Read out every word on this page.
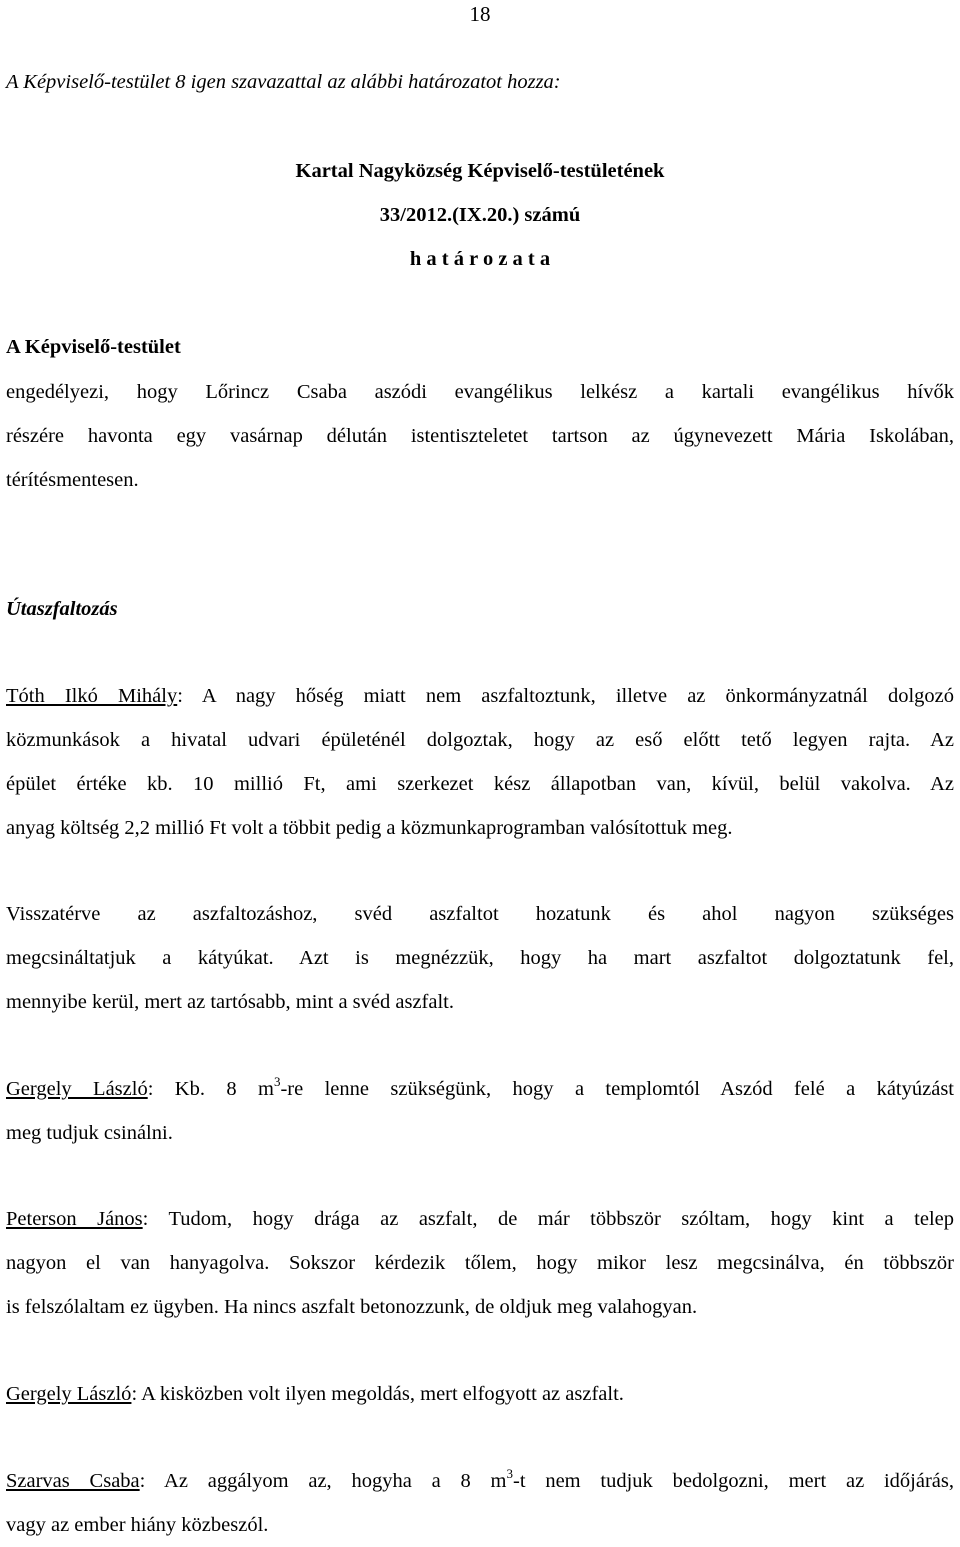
18
A Képviselő-testület 8 igen szavazattal az alábbi határozatot hozza:
Kartal Nagyközség Képviselő-testületének
33/2012.(IX.20.) számú
h a t á r o z a t a
A Képviselő-testület
engedélyezi, hogy Lőrincz Csaba aszódi evangélikus lelkész a kartali evangélikus hívők
részére havonta egy vasárnap délután istentiszteletet tartson az úgynevezett Mária Iskolában,
térítésmentesen.
Útaszfaltozás
Tóth Ilkó Mihály: A nagy hőség miatt nem aszfaltoztunk, illetve az önkormányzatnál dolgozó
közmunkások a hivatal udvari épületénél dolgoztak, hogy az eső előtt tető legyen rajta. Az
épület értéke kb. 10 millió Ft, ami szerkezet kész állapotban van, kívül, belül vakolva. Az
anyag költség 2,2 millió Ft volt a többit pedig a közmunkaprogramban valósítottuk meg.
Visszatérve az aszfaltozáshoz, svéd aszfaltot hozatunk és ahol nagyon szükséges
megcsináltatjuk a kátyúkat. Azt is megnézzük, hogy ha mart aszfaltot dolgoztatunk fel,
mennyibe kerül, mert az tartósabb, mint a svéd aszfalt.
Gergely László: Kb. 8 $m^3-re$ lenne szükségünk, hogy a templomtól Aszód felé a kátyúzást
meg tudjuk csinálni.
Peterson János: Tudom, hogy drága az aszfalt, de már többször szóltam, hogy kint a telep
nagyon el van hanyagolva. Sokszor kérdezik tőlem, hogy mikor lesz megcsinálva, én többször
is felszólaltam ez ügyben. Ha nincs aszfalt betonozzunk, de oldjuk meg valahogyan.
Gergely László: A kisközben volt ilyen megoldás, mert elfogyott az aszfalt.
Szarvas Csaba: Az aggályom az, hogyha a 8 $m^3-t$ nem tudjuk bedolgozni, mert az időjárás,
vagy az ember hiány közbeszól.
